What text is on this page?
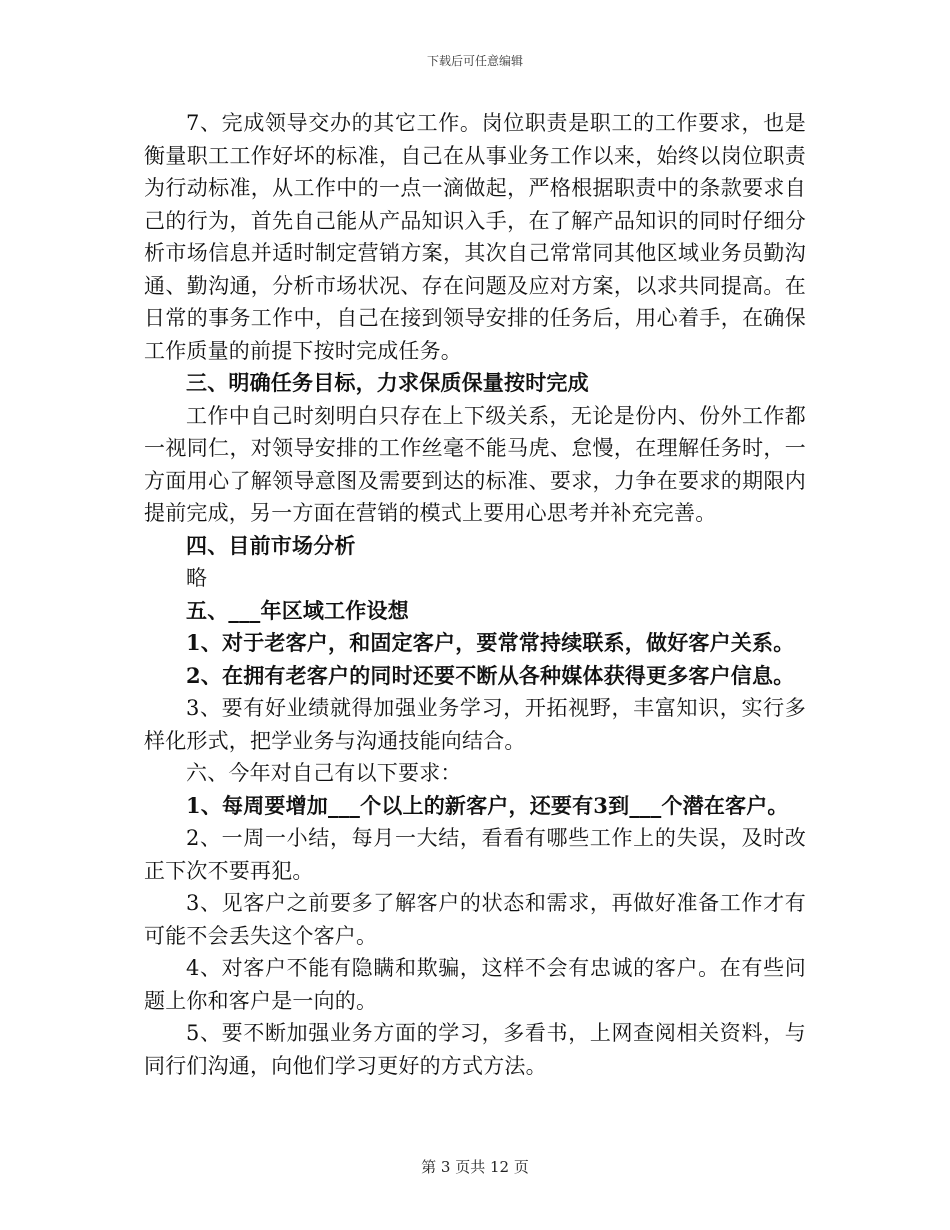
下载后可任意编辑
7、完成领导交办的其它工作。岗位职责是职工的工作要求，也是衡量职工工作好坏的标准，自己在从事业务工作以来，始终以岗位职责为行动标准，从工作中的一点一滴做起，严格根据职责中的条款要求自己的行为，首先自己能从产品知识入手，在了解产品知识的同时仔细分析市场信息并适时制定营销方案，其次自己常常同其他区域业务员勤沟通、勤沟通，分析市场状况、存在问题及应对方案，以求共同提高。在日常的事务工作中，自己在接到领导安排的任务后，用心着手，在确保工作质量的前提下按时完成任务。
三、明确任务目标，力求保质保量按时完成
工作中自己时刻明白只存在上下级关系，无论是份内、份外工作都一视同仁，对领导安排的工作丝毫不能马虎、怠慢，在理解任务时，一方面用心了解领导意图及需要到达的标准、要求，力争在要求的期限内提前完成，另一方面在营销的模式上要用心思考并补充完善。
四、目前市场分析
略
五、___年区域工作设想
1、对于老客户，和固定客户，要常常持续联系，做好客户关系。
2、在拥有老客户的同时还要不断从各种媒体获得更多客户信息。
3、要有好业绩就得加强业务学习，开拓视野，丰富知识，实行多样化形式，把学业务与沟通技能向结合。
六、今年对自己有以下要求：
1、每周要增加___个以上的新客户，还要有3到___个潜在客户。
2、一周一小结，每月一大结，看看有哪些工作上的失误，及时改正下次不要再犯。
3、见客户之前要多了解客户的状态和需求，再做好准备工作才有可能不会丢失这个客户。
4、对客户不能有隐瞒和欺骗，这样不会有忠诚的客户。在有些问题上你和客户是一向的。
5、要不断加强业务方面的学习，多看书，上网查阅相关资料，与同行们沟通，向他们学习更好的方式方法。
第 3 页共 12 页
